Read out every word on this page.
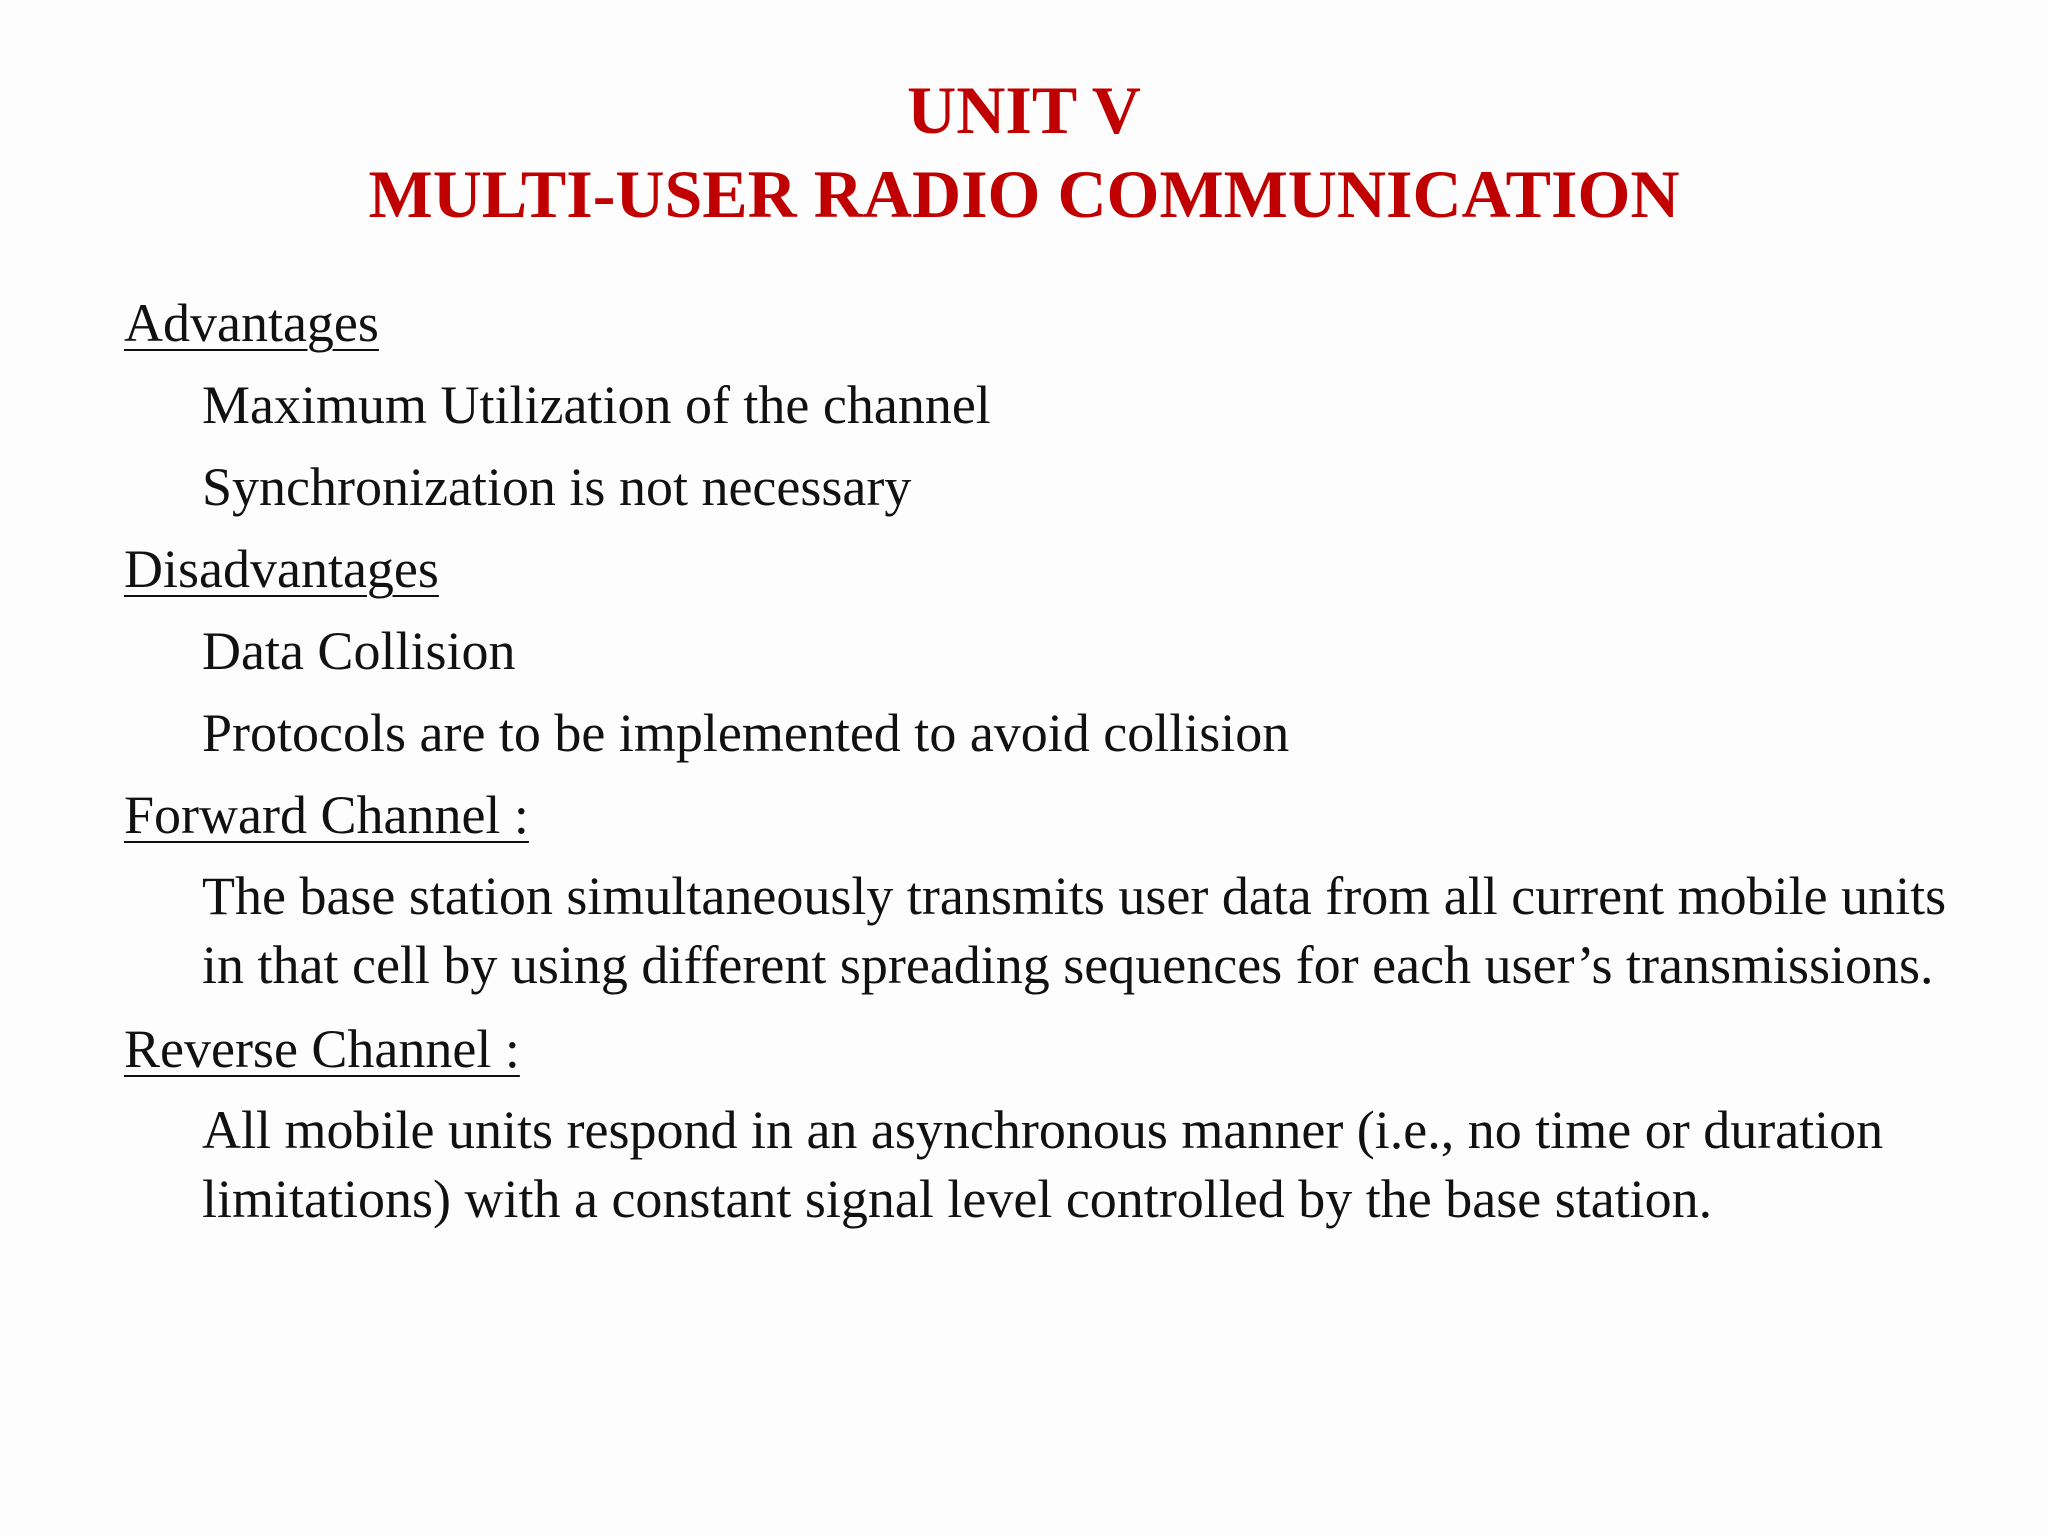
UNIT V
MULTI-USER RADIO COMMUNICATION

Advantages

Maximum Utilization of the channel

Synchronization is not necessary

Disadvantages

Data Collision

Protocols are to be implemented to avoid collision

Forward Channel :

The base station simultaneously transmits user data from all current mobile units in that cell by using different spreading sequences for each user’s transmissions.

Reverse Channel :

All mobile units respond in an asynchronous manner (i.e., no time or duration limitations) with a constant signal level controlled by the base station.
